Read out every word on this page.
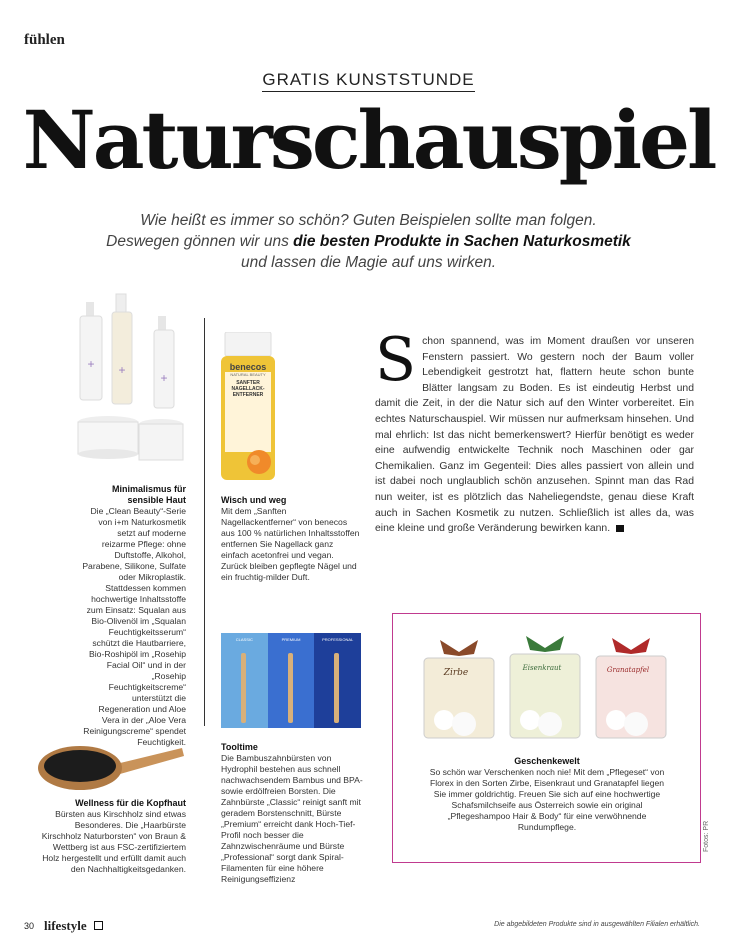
fühlen
GRATIS KUNSTSTUNDE
Naturschauspiel
Wie heißt es immer so schön? Guten Beispielen sollte man folgen.
Deswegen gönnen wir uns die besten Produkte in Sachen Naturkosmetik
und lassen die Magie auf uns wirken.
+ +
+
Minimalismus für sensible Haut
Die „Clean Beauty“-Serie von i+m Naturkosmetik setzt auf moderne reizarme Pflege: ohne Duftstoffe, Alkohol, Parabene, Silikone, Sulfate oder Mikroplastik. Stattdessen kommen hochwertige Inhaltsstoffe zum Einsatz: Squalan aus Bio-Olivenöl im „Squalan Feuchtigkeitsserum“ schützt die Hautbarriere, Bio-Roshipöl im „Rosehip Facial Oil“ und in der „Rosehip Feuchtigkeitscreme“ unterstützt die Regeneration und Aloe Vera in der „Aloe Vera Reinigungscreme“ spendet Feuchtigkeit.
benecos
NATURAL BEAUTY
SANFTER NAGELLACK-ENTFERNER
Wisch und weg
Mit dem „Sanften Nagellackentferner“ von benecos aus 100 % natürlichen Inhaltsstoffen entfernen Sie Nagellack ganz einfach acetonfrei und vegan. Zurück bleiben gepflegte Nägel und ein fruchtig-milder Duft.
CLASSIC	PREMIUM	PROFESSIONAL
Tooltime
Die Bambuszahnbürsten von Hydrophil bestehen aus schnell nachwachsendem Bambus und BPA- sowie erdölfreien Borsten. Die Zahnbürste „Classic“ reinigt sanft mit geradem Borstenschnitt, Bürste „Premium“ erreicht dank Hoch-Tief-Profil noch besser die Zahnzwischenräume und Bürste „Professional“ sorgt dank Spiral-Filamenten für eine höhere Reinigungseffizienz
Wellness für die Kopfhaut
Bürsten aus Kirschholz sind etwas Besonderes. Die „Haarbürste Kirschholz Naturborsten“ von Braun & Wettberg ist aus FSC-zertifiziertem Holz hergestellt und erfüllt damit auch den Nachhaltigkeitsgedanken.
Schon spannend, was im Moment draußen vor unseren Fenstern passiert. Wo gestern noch der Baum voller Lebendigkeit gestrotzt hat, flattern heute schon bunte Blätter langsam zu Boden. Es ist eindeutig Herbst und damit die Zeit, in der die Natur sich auf den Winter vorbereitet. Ein echtes Naturschauspiel. Wir müssen nur aufmerksam hinsehen. Und mal ehrlich: Ist das nicht bemerkenswert? Hierfür benötigt es weder eine aufwendig entwickelte Technik noch Maschinen oder gar Chemikalien. Ganz im Gegenteil: Dies alles passiert von allein und ist dabei noch unglaublich schön anzusehen. Spinnt man das Rad nun weiter, ist es plötzlich das Naheliegendste, genau diese Kraft auch in Sachen Kosmetik zu nutzen. Schließlich ist alles da, was eine kleine und große Veränderung bewirken kann.
Zirbe	Eisenkraut	Granatapfel
Geschenkewelt
So schön war Verschenken noch nie! Mit dem „Pflegeset“ von Florex in den Sorten Zirbe, Eisenkraut und Granatapfel liegen Sie immer goldrichtig. Freuen Sie sich auf eine hochwertige Schafsmilchseife aus Österreich sowie ein original „Pflegeshampoo Hair & Body“ für eine verwöhnende Rundumpflege.	Fotos: PR
30 lifestyle	Die abgebildeten Produkte sind in ausgewählten Filialen erhältlich.
